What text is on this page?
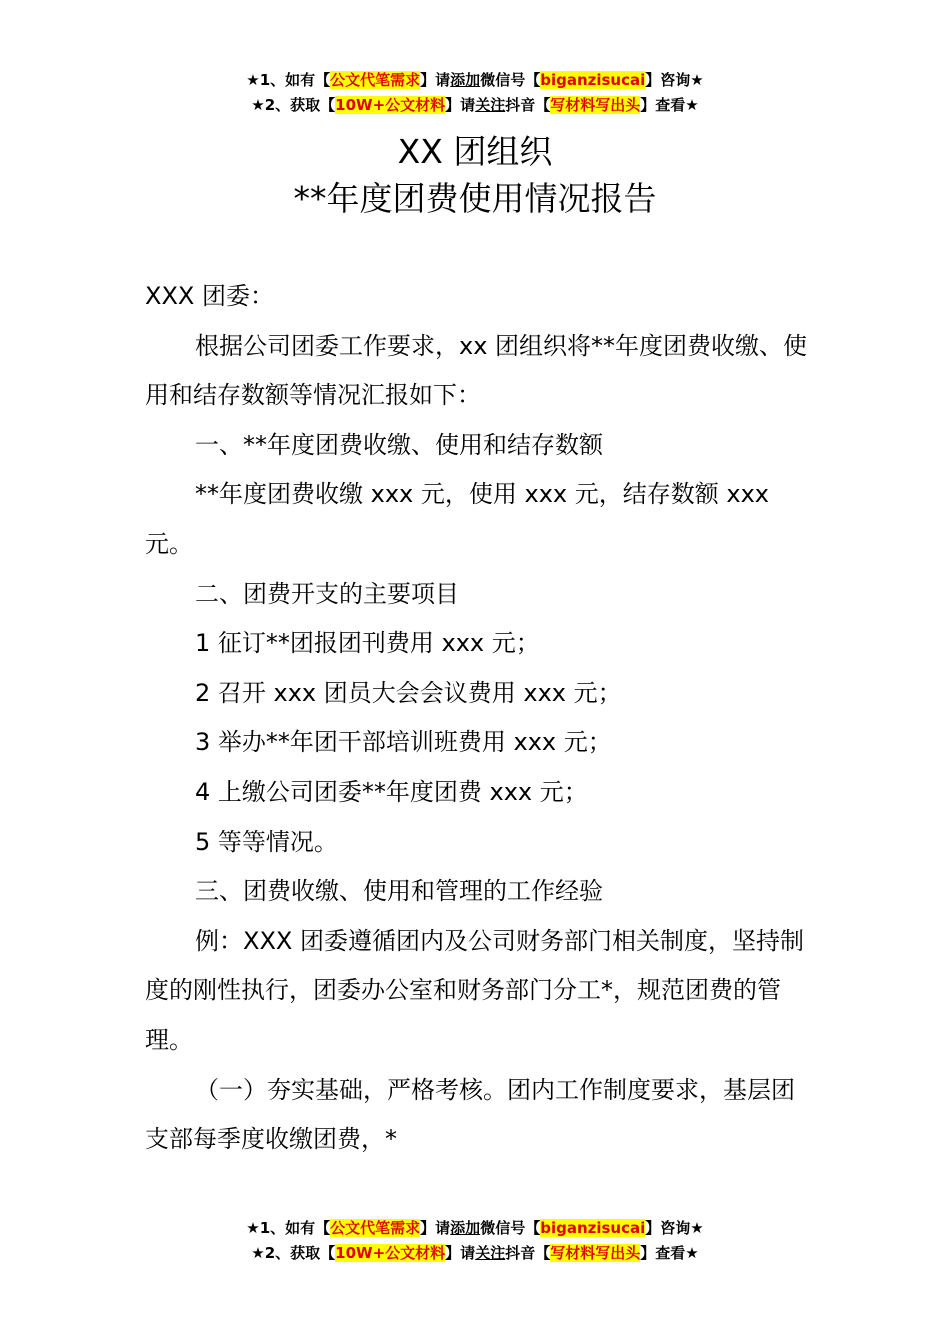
★1、如有【公文代笔需求】请添加微信号【biganzisucai】咨询★
★2、获取【10W+公文材料】请关注抖音【写材料写出头】查看★
XX 团组织
**年度团费使用情况报告

XXX 团委：

根据公司团委工作要求，xx 团组织将**年度团费收缴、使用和结存数额等情况汇报如下：

一、**年度团费收缴、使用和结存数额

**年度团费收缴 xxx 元，使用 xxx 元，结存数额 xxx 元。

二、团费开支的主要项目

1 征订**团报团刊费用 xxx 元；

2 召开 xxx 团员大会会议费用 xxx 元；

3 举办**年团干部培训班费用 xxx 元；

4 上缴公司团委**年度团费 xxx 元；

5 等等情况。

三、团费收缴、使用和管理的工作经验

例：XXX 团委遵循团内及公司财务部门相关制度，坚持制度的刚性执行，团委办公室和财务部门分工*，规范团费的管理。

（一）夯实基础，严格考核。团内工作制度要求，基层团支部每季度收缴团费，*

★1、如有【公文代笔需求】请添加微信号【biganzisucai】咨询★
★2、获取【10W+公文材料】请关注抖音【写材料写出头】查看★
